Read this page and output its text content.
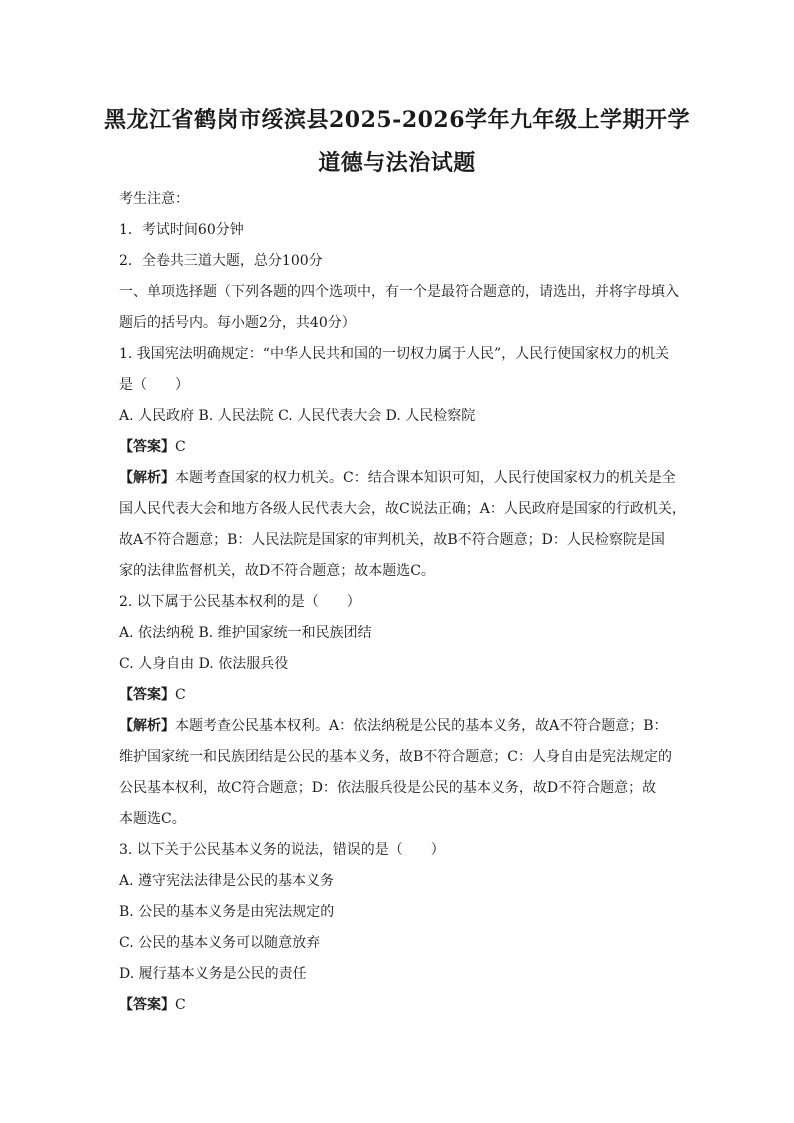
黑龙江省鹤岗市绥滨县2025-2026学年九年级上学期开学
道德与法治试题
考生注意：
1．考试时间60分钟
2．全卷共三道大题，总分100分
一、单项选择题（下列各题的四个选项中，有一个是最符合题意的，请选出，并将字母填入
题后的括号内。每小题2分，共40分）
1. 我国宪法明确规定：“中华人民共和国的一切权力属于人民”，人民行使国家权力的机关
是（　　）
A. 人民政府 B. 人民法院 C. 人民代表大会 D. 人民检察院
【答案】C
【解析】本题考查国家的权力机关。C：结合课本知识可知，人民行使国家权力的机关是全
国人民代表大会和地方各级人民代表大会，故C说法正确；A：人民政府是国家的行政机关，
故A不符合题意；B：人民法院是国家的审判机关，故B不符合题意；D：人民检察院是国
家的法律监督机关，故D不符合题意；故本题选C。
2. 以下属于公民基本权利的是（　　）
A. 依法纳税 B. 维护国家统一和民族团结
C. 人身自由 D. 依法服兵役
【答案】C
【解析】本题考查公民基本权利。A：依法纳税是公民的基本义务，故A不符合题意；B：
维护国家统一和民族团结是公民的基本义务，故B不符合题意；C：人身自由是宪法规定的
公民基本权利，故C符合题意；D：依法服兵役是公民的基本义务，故D不符合题意；故
本题选C。
3. 以下关于公民基本义务的说法，错误的是（　　）
A. 遵守宪法法律是公民的基本义务
B. 公民的基本义务是由宪法规定的
C. 公民的基本义务可以随意放弃
D. 履行基本义务是公民的责任
【答案】C
